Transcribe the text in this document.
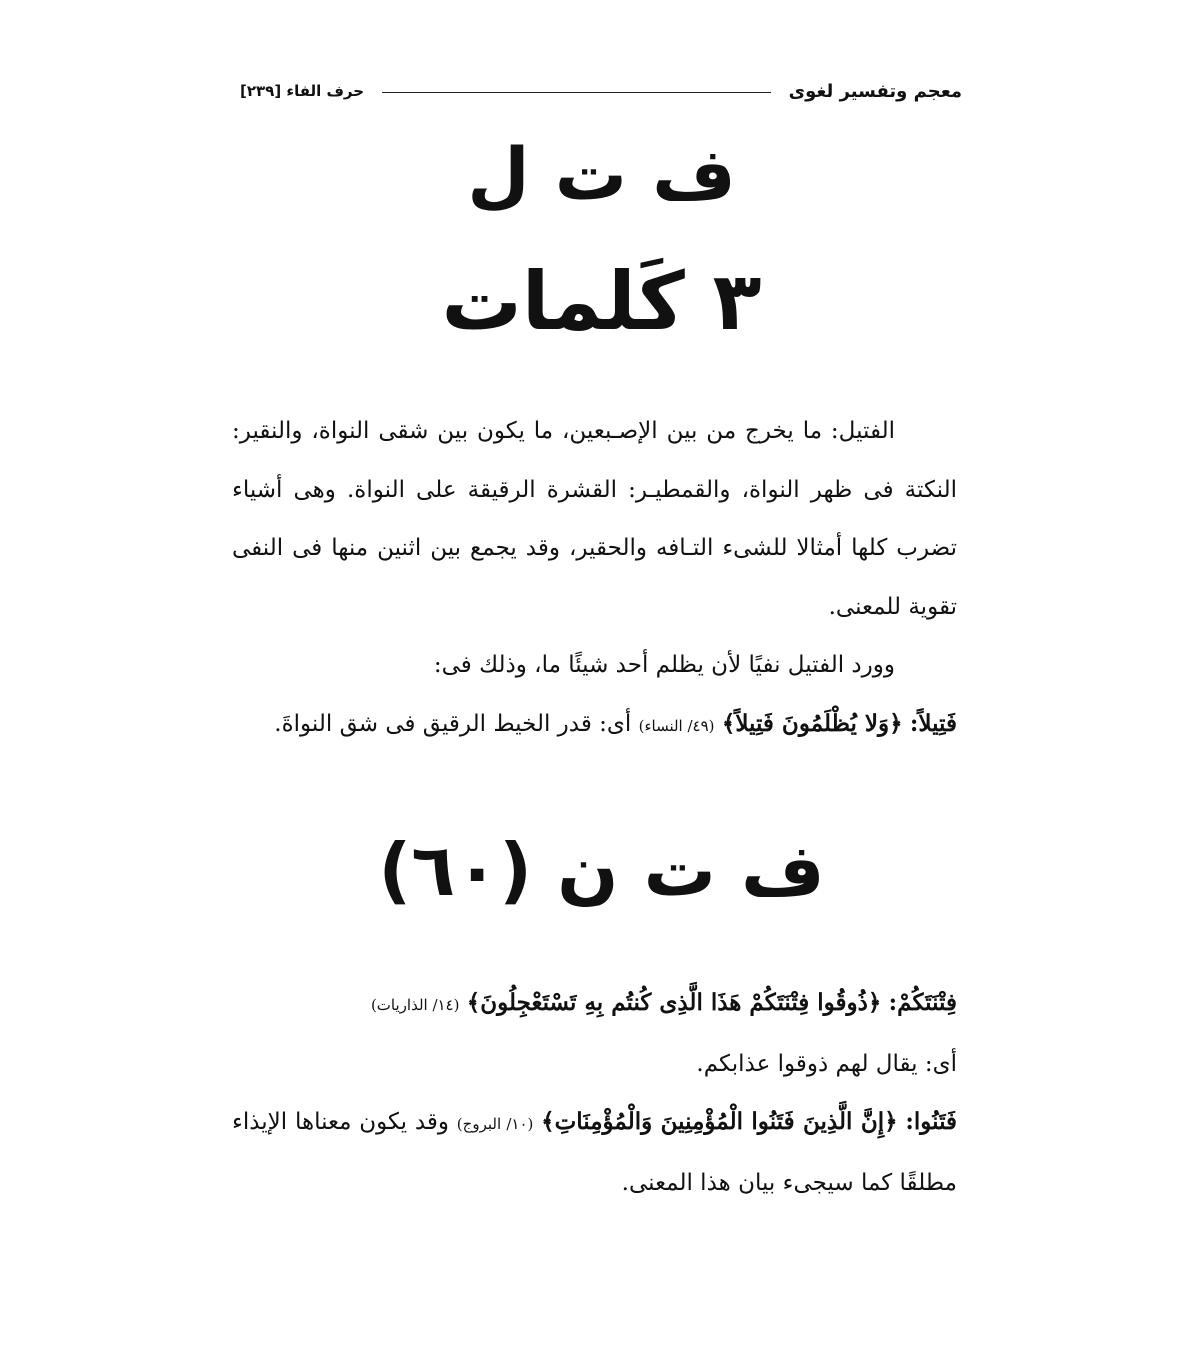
معجم وتفسير لغوى
حرف الفاء [٢٣٩]
ف ت ل
٣ كَلمات

الفتيل: ما يخرج من بين الإصـبعين، ما يكون بين شقى النواة، والنقير: النكتة فى ظهر النواة، والقمطيـر: القشرة الرقيقة على النواة. وهى أشياء تضرب كلها أمثالا للشىء التـافه والحقير، وقد يجمع بين اثنين منها فى النفى تقوية للمعنى.

وورد الفتيل نفيًا لأن يظلم أحد شيئًا ما، وذلك فى:

فَتِيلاً: ﴿وَلا يُظْلَمُونَ فَتِيلاً﴾ (٤٩/ النساء) أى: قدر الخيط الرقيق فى شق النواةَ.

ف ت ن (٦٠)

فِتْنَتَكُمْ: ﴿ذُوقُوا فِتْنَتَكُمْ هَذَا الَّذِى كُنتُم بِهِ تَسْتَعْجِلُونَ﴾ (١٤/ الذاريات)

أى: يقال لهم ذوقوا عذابكم.

فَتَنُوا: ﴿إِنَّ الَّذِينَ فَتَنُوا الْمُؤْمِنِينَ وَالْمُؤْمِنَاتِ﴾ (١٠/ البروج) وقد يكون معناها الإيذاء مطلقًا كما سيجىء بيان هذا المعنى.
